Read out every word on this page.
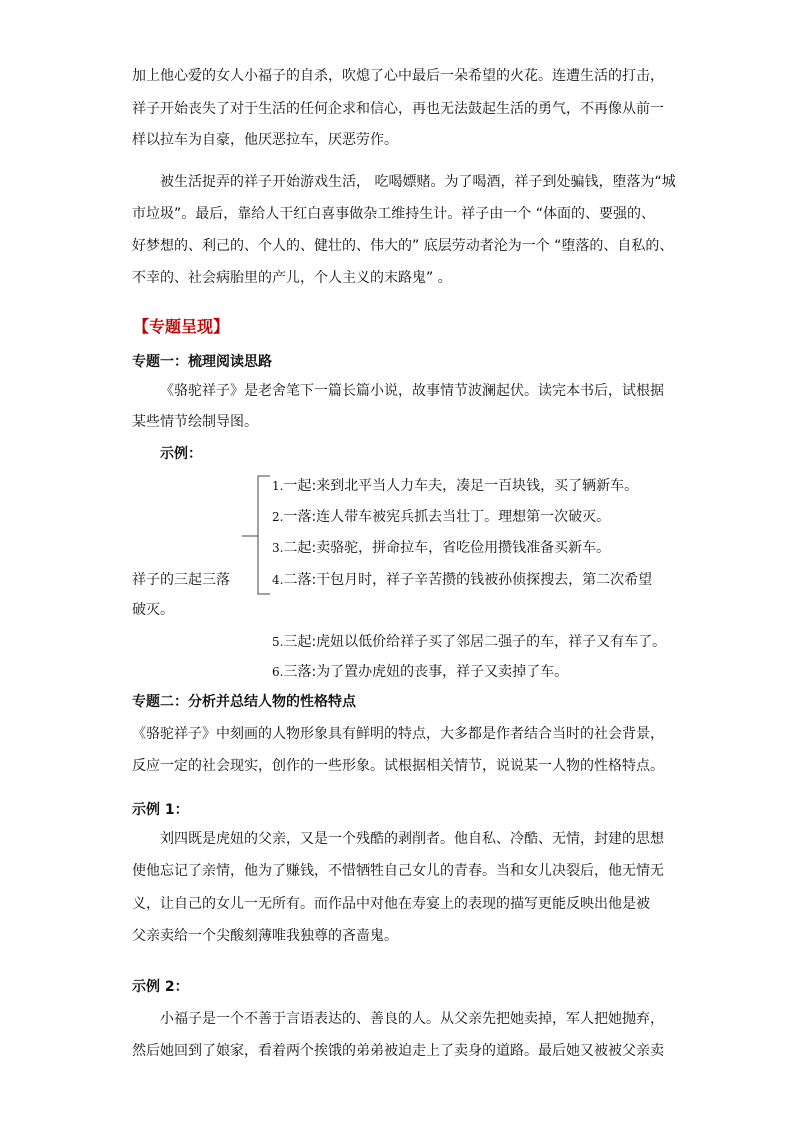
加上他心爱的女人小福子的自杀，吹熄了心中最后一朵希望的火花。连遭生活的打击，
祥子开始丧失了对于生活的任何企求和信心，再也无法鼓起生活的勇气，不再像从前一
样以拉车为自豪，他厌恶拉车，厌恶劳作。
被生活捉弄的祥子开始游戏生活， 吃喝嫖赌。为了喝酒，祥子到处骗钱，堕落为“城
市垃圾”。最后，靠给人干红白喜事做杂工维持生计。祥子由一个 “体面的、要强的、
好梦想的、利己的、个人的、健壮的、伟大的” 底层劳动者沦为一个 “堕落的、自私的、
不幸的、社会病胎里的产儿，个人主义的末路鬼” 。
【专题呈现】
专题一：梳理阅读思路
《骆驼祥子》是老舍笔下一篇长篇小说，故事情节波澜起伏。读完本书后，试根据
某些情节绘制导图。
示例：
祥子的三起三落
1.一起:来到北平当人力车夫，凑足一百块钱，买了辆新车。
2.一落:连人带车被宪兵抓去当壮丁。理想第一次破灭。
3.二起:卖骆驼，拼命拉车，省吃俭用攒钱准备买新车。
4.二落:干包月时，祥子辛苦攒的钱被孙侦探搜去，第二次希望
破灭。
5.三起:虎妞以低价给祥子买了邻居二强子的车，祥子又有车了。
6.三落:为了置办虎妞的丧事，祥子又卖掉了车。
专题二：分析并总结人物的性格特点
《骆驼祥子》中刻画的人物形象具有鲜明的特点，大多都是作者结合当时的社会背景，
反应一定的社会现实，创作的一些形象。试根据相关情节，说说某一人物的性格特点。
示例 1：
刘四既是虎妞的父亲，又是一个残酷的剥削者。他自私、冷酷、无情，封建的思想
使他忘记了亲情，他为了赚钱，不惜牺牲自己女儿的青春。当和女儿决裂后，他无情无
义，让自己的女儿一无所有。而作品中对他在寿宴上的表现的描写更能反映出他是被
父亲卖给一个尖酸刻薄唯我独尊的吝啬鬼。
示例 2：
小福子是一个不善于言语表达的、善良的人。从父亲先把她卖掉，军人把她抛弃，
然后她回到了娘家，看着两个挨饿的弟弟被迫走上了卖身的道路。最后她又被被父亲卖
